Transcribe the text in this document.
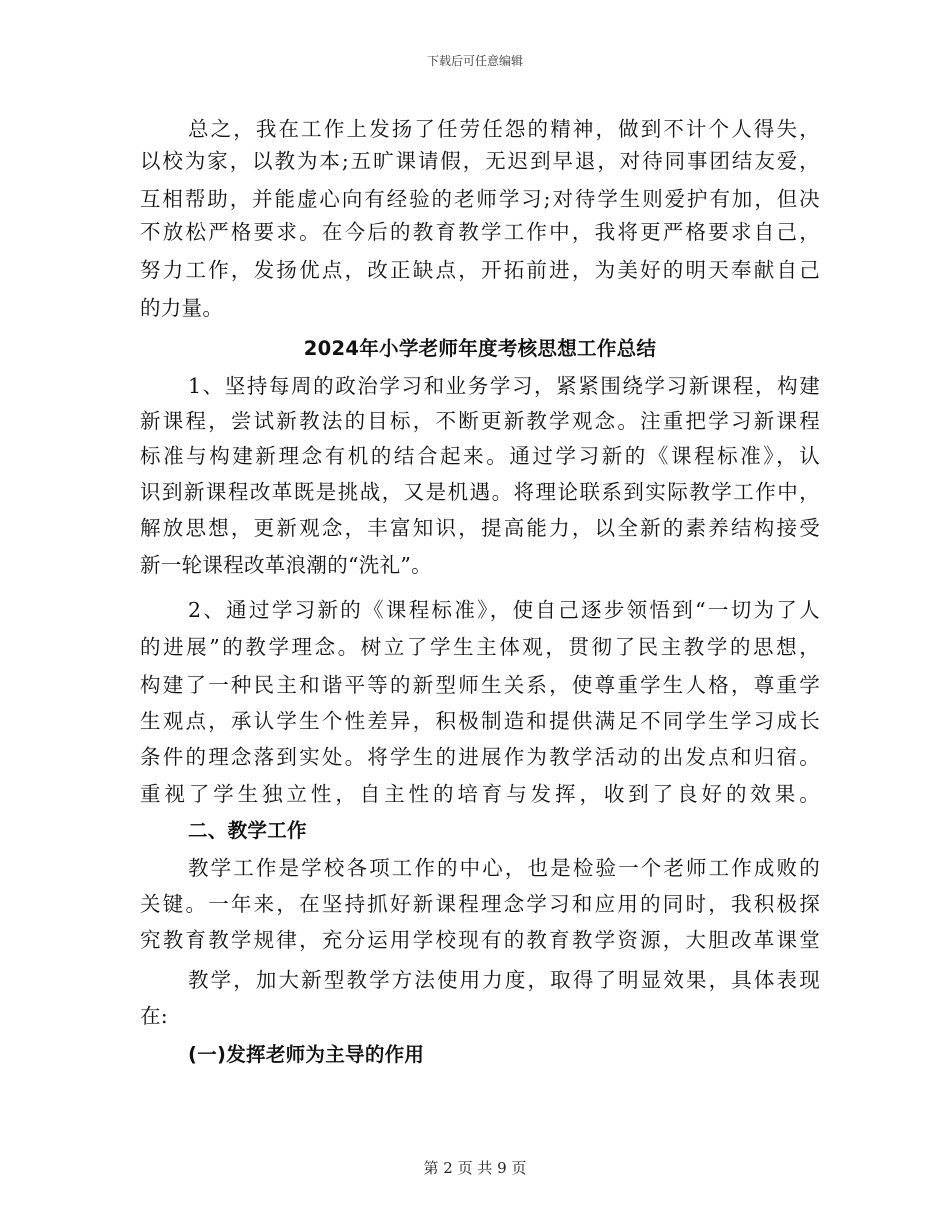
下载后可任意编辑
总之，我在工作上发扬了任劳任怨的精神，做到不计个人得失，
以校为家，以教为本;五旷课请假，无迟到早退，对待同事团结友爱，
互相帮助，并能虚心向有经验的老师学习;对待学生则爱护有加，但决
不放松严格要求。在今后的教育教学工作中，我将更严格要求自己，
努力工作，发扬优点，改正缺点，开拓前进，为美好的明天奉献自己
的力量。
2024年小学老师年度考核思想工作总结
1、坚持每周的政治学习和业务学习，紧紧围绕学习新课程，构建
新课程，尝试新教法的目标，不断更新教学观念。注重把学习新课程
标准与构建新理念有机的结合起来。通过学习新的《课程标准》，认
识到新课程改革既是挑战，又是机遇。将理论联系到实际教学工作中，
解放思想，更新观念，丰富知识，提高能力，以全新的素养结构接受
新一轮课程改革浪潮的“洗礼”。
2、通过学习新的《课程标准》，使自己逐步领悟到“一切为了人
的进展”的教学理念。树立了学生主体观，贯彻了民主教学的思想，
构建了一种民主和谐平等的新型师生关系，使尊重学生人格，尊重学
生观点，承认学生个性差异，积极制造和提供满足不同学生学习成长
条件的理念落到实处。将学生的进展作为教学活动的出发点和归宿。
重视了学生独立性，自主性的培育与发挥，收到了良好的效果。
二、教学工作
教学工作是学校各项工作的中心，也是检验一个老师工作成败的
关键。一年来，在坚持抓好新课程理念学习和应用的同时，我积极探
究教育教学规律，充分运用学校现有的教育教学资源，大胆改革课堂
教学，加大新型教学方法使用力度，取得了明显效果，具体表现
在:
(一)发挥老师为主导的作用
第 2 页 共 9 页
